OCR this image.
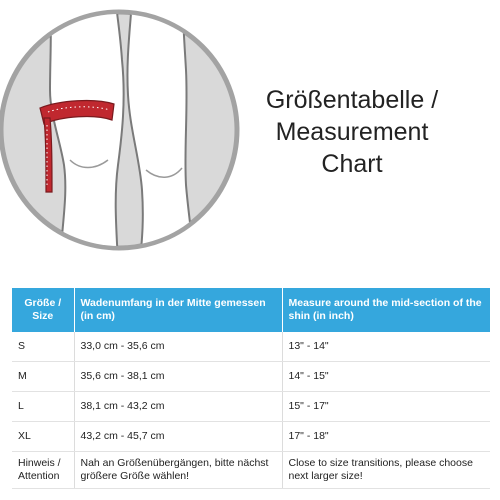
Größentabelle /
Measurement
Chart
Größe / Size	Wadenumfang in der Mitte gemessen (in cm)	Measure around the mid-section of the shin (in inch)
S	33,0 cm - 35,6 cm	13" - 14"
M	35,6 cm - 38,1 cm	14" - 15"
L	38,1 cm - 43,2 cm	15" - 17"
XL	43,2 cm - 45,7 cm	17" - 18"
Hinweis / Attention	Nah an Größenübergängen, bitte nächst größere Größe wählen!	Close to size transitions, please choose next larger size!
